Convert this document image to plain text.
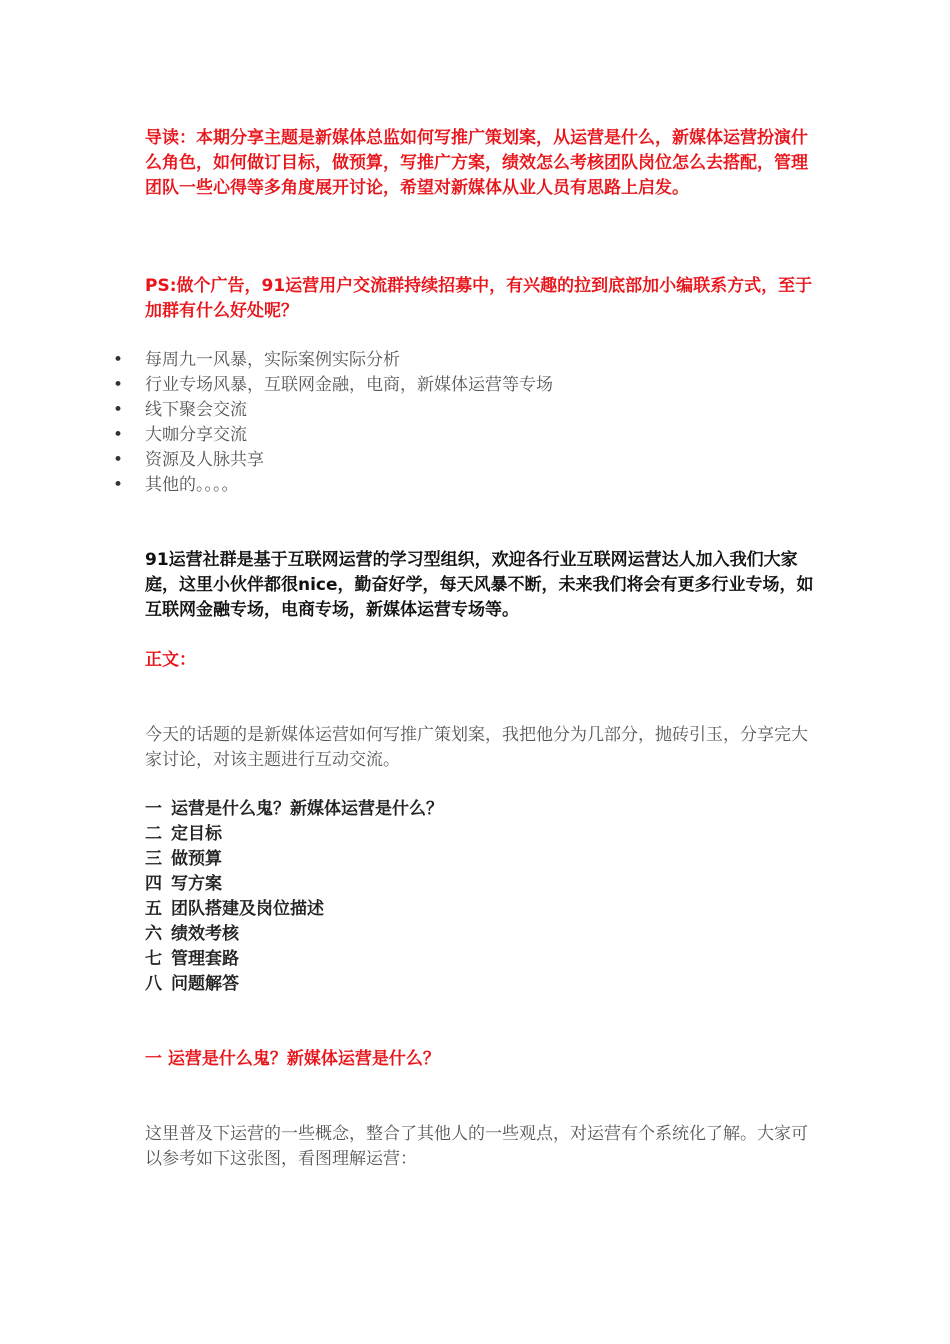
导读：本期分享主题是新媒体总监如何写推广策划案，从运营是什么，新媒体运营扮演什么角色，如何做订目标，做预算，写推广方案，绩效怎么考核团队岗位怎么去搭配，管理团队一些心得等多角度展开讨论，希望对新媒体从业人员有思路上启发。

PS:做个广告，91运营用户交流群持续招募中，有兴趣的拉到底部加小编联系方式，至于加群有什么好处呢？

• 每周九一风暴，实际案例实际分析
• 行业专场风暴，互联网金融，电商，新媒体运营等专场
• 线下聚会交流
• 大咖分享交流
• 资源及人脉共享
• 其他的。。。。

91运营社群是基于互联网运营的学习型组织，欢迎各行业互联网运营达人加入我们大家庭，这里小伙伴都很nice，勤奋好学，每天风暴不断，未来我们将会有更多行业专场，如互联网金融专场，电商专场，新媒体运营专场等。

正文：

今天的话题的是新媒体运营如何写推广策划案，我把他分为几部分，抛砖引玉，分享完大家讨论，对该主题进行互动交流。

一 运营是什么鬼？新媒体运营是什么？
二 定目标
三 做预算
四 写方案
五 团队搭建及岗位描述
六 绩效考核
七 管理套路
八 问题解答

一 运营是什么鬼？新媒体运营是什么？

这里普及下运营的一些概念，整合了其他人的一些观点，对运营有个系统化了解。大家可以参考如下这张图，看图理解运营：
